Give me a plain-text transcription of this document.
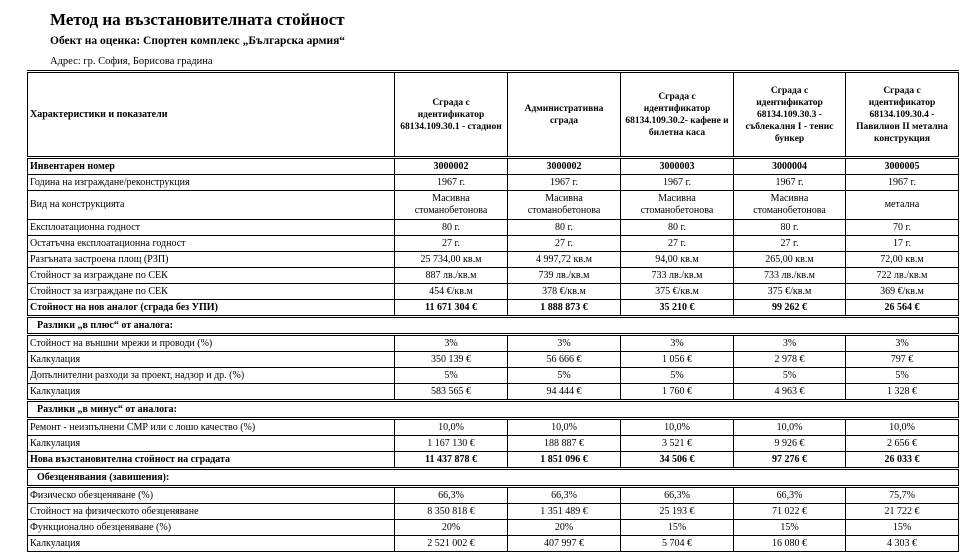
Метод на възстановителната стойност
Обект на оценка: Спортен комплекс „Българска армия“
Адрес: гр. София, Борисова градина
Характеристики и показатели	Сграда с идентификатор 68134.109.30.1 - стадион	Административна сграда	Сграда с идентификатор 68134.109.30.2- кафене и билетна каса	Сграда с идентификатор 68134.109.30.3 - съблекалня I - тенис бункер	Сграда с идентификатор 68134.109.30.4 - Павилион II метална конструкция
Инвентарен номер	3000002	3000002	3000003	3000004	3000005
Година на изграждане/реконструкция	1967 г.	1967 г.	1967 г.	1967 г.	1967 г.
Вид на конструкцията	Масивна стоманобетонова	Масивна стоманобетонова	Масивна стоманобетонова	Масивна стоманобетонова	метална
Експлоатационна годност	80 г.	80 г.	80 г.	80 г.	70 г.
Остатъчна експлоатационна годност	27 г.	27 г.	27 г.	27 г.	17 г.
Разгъната застроена площ (РЗП)	25 734,00 кв.м	4 997,72 кв.м	94,00 кв.м	265,00 кв.м	72,00 кв.м
Стойност за изграждане по СЕК	887 лв./кв.м	739 лв./кв.м	733 лв./кв.м	733 лв./кв.м	722 лв./кв.м
Стойност за изграждане по СЕК	454 €/кв.м	378 €/кв.м	375 €/кв.м	375 €/кв.м	369 €/кв.м
Стойност на нов аналог (сграда без УПИ)	11 671 304 €	1 888 873 €	35 210 €	99 262 €	26 564 €
Разлики „в плюс“ от аналога:					
Стойност на външни мрежи и проводи (%)	3%	3%	3%	3%	3%
Калкулация	350 139 €	56 666 €	1 056 €	2 978 €	797 €
Допълнителни разходи за проект, надзор и др. (%)	5%	5%	5%	5%	5%
Калкулация	583 565 €	94 444 €	1 760 €	4 963 €	1 328 €
Разлики „в минус“ от аналога:					
Ремонт - неизпълнени СМР или с лошо качество (%)	10,0%	10,0%	10,0%	10,0%	10,0%
Калкулация	1 167 130 €	188 887 €	3 521 €	9 926 €	2 656 €
Нова възстановителна стойност на сградата	11 437 878 €	1 851 096 €	34 506 €	97 276 €	26 033 €
Обезценявания (завишения):					
Физическо обезценяване (%)	66,3%	66,3%	66,3%	66,3%	75,7%
Стойност на физическото обезценяване	8 350 818 €	1 351 489 €	25 193 €	71 022 €	21 722 €
Функционално обезценяване (%)	20%	20%	15%	15%	15%
Калкулация	2 521 002 €	407 997 €	5 704 €	16 080 €	4 303 €
